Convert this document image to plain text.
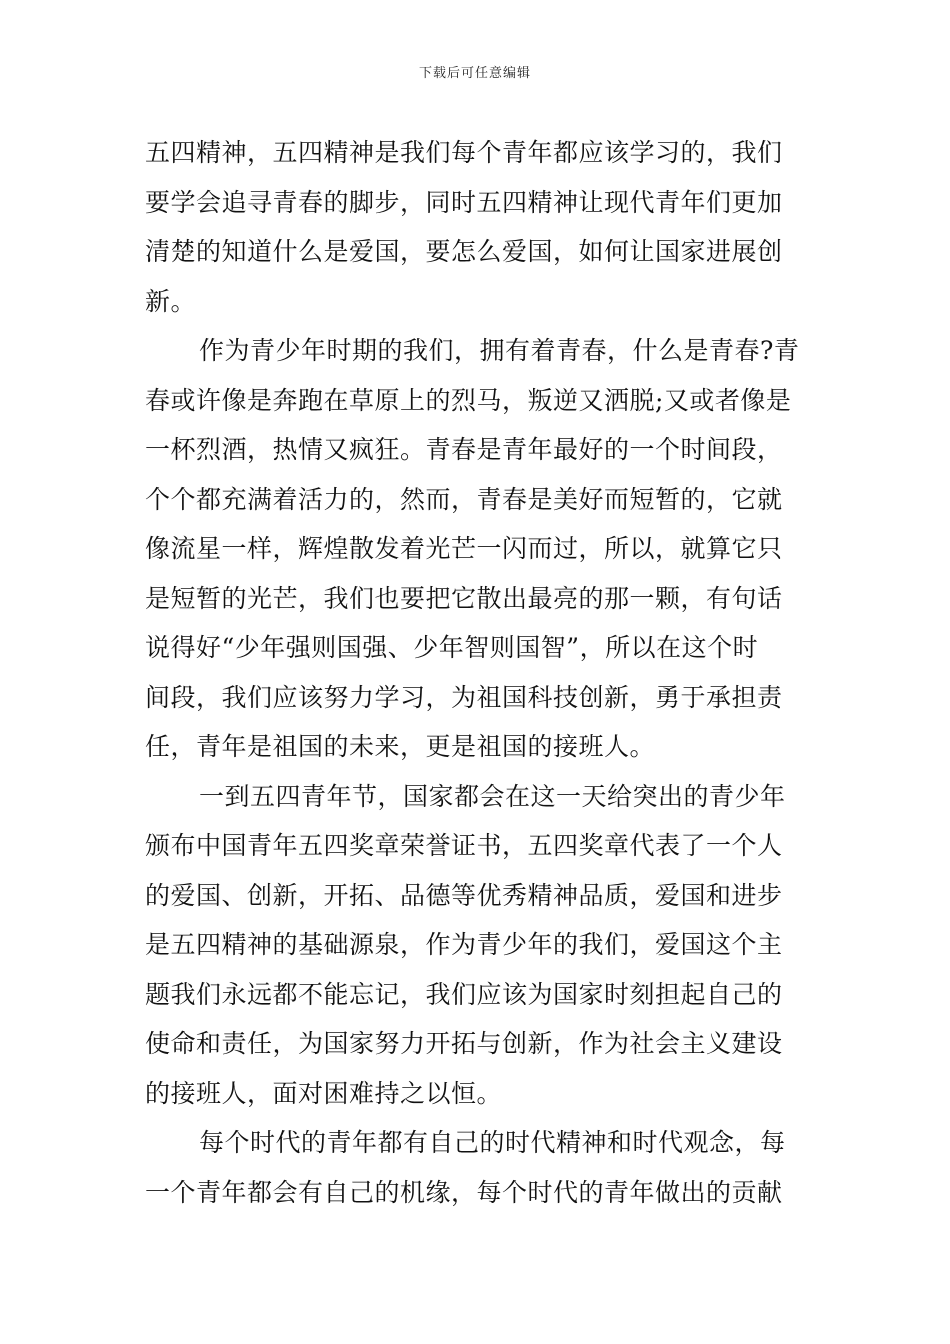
下载后可任意编辑
五四精神，五四精神是我们每个青年都应该学习的，我们
要学会追寻青春的脚步，同时五四精神让现代青年们更加
清楚的知道什么是爱国，要怎么爱国，如何让国家进展创
新。
作为青少年时期的我们，拥有着青春，什么是青春?青
春或许像是奔跑在草原上的烈马，叛逆又洒脱;又或者像是
一杯烈酒，热情又疯狂。青春是青年最好的一个时间段，
个个都充满着活力的，然而，青春是美好而短暂的，它就
像流星一样，辉煌散发着光芒一闪而过，所以，就算它只
是短暂的光芒，我们也要把它散出最亮的那一颗，有句话
说得好“少年强则国强、少年智则国智”，所以在这个时
间段，我们应该努力学习，为祖国科技创新，勇于承担责
任，青年是祖国的未来，更是祖国的接班人。
一到五四青年节，国家都会在这一天给突出的青少年
颁布中国青年五四奖章荣誉证书，五四奖章代表了一个人
的爱国、创新，开拓、品德等优秀精神品质，爱国和进步
是五四精神的基础源泉，作为青少年的我们，爱国这个主
题我们永远都不能忘记，我们应该为国家时刻担起自己的
使命和责任，为国家努力开拓与创新，作为社会主义建设
的接班人，面对困难持之以恒。
每个时代的青年都有自己的时代精神和时代观念，每
一个青年都会有自己的机缘，每个时代的青年做出的贡献
